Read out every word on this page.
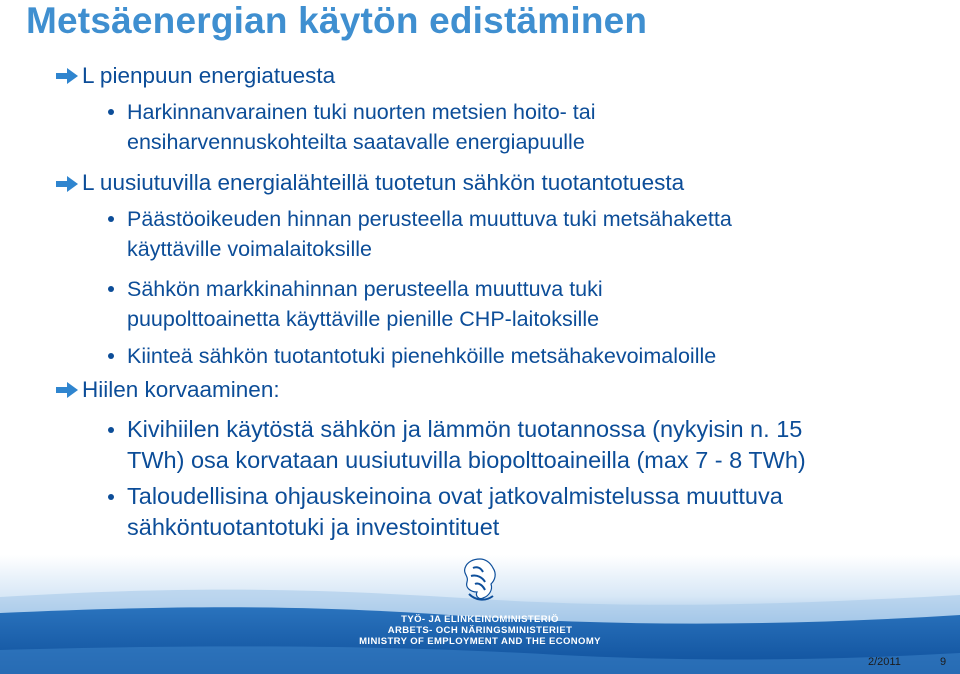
Metsäenergian käytön edistäminen
L pienpuun energiatuesta
Harkinnanvarainen tuki nuorten metsien hoito- tai
ensiharvennuskohteilta saatavalle energiapuulle
L uusiutuvilla energialähteillä tuotetun sähkön tuotantotuesta
Päästöoikeuden hinnan perusteella muuttuva tuki metsähaketta
käyttäville voimalaitoksille
Sähkön markkinahinnan perusteella muuttuva tuki
puupolttoainetta käyttäville pienille CHP-laitoksille
Kiinteä sähkön tuotantotuki pienehköille metsähakevoimaloille
Hiilen korvaaminen:
Kivihiilen käytöstä sähkön ja lämmön tuotannossa (nykyisin n. 15
TWh) osa korvataan uusiutuvilla biopolttoaineilla (max 7 - 8 TWh)
Taloudellisina ohjauskeinoina ovat jatkovalmistelussa muuttuva
sähköntuotantotuki ja investointituet
TYÖ- JA ELINKEINOMINISTERIÖ
ARBETS- OCH NÄRINGSMINISTERIET
MINISTRY OF EMPLOYMENT AND THE ECONOMY
2/2011	9
